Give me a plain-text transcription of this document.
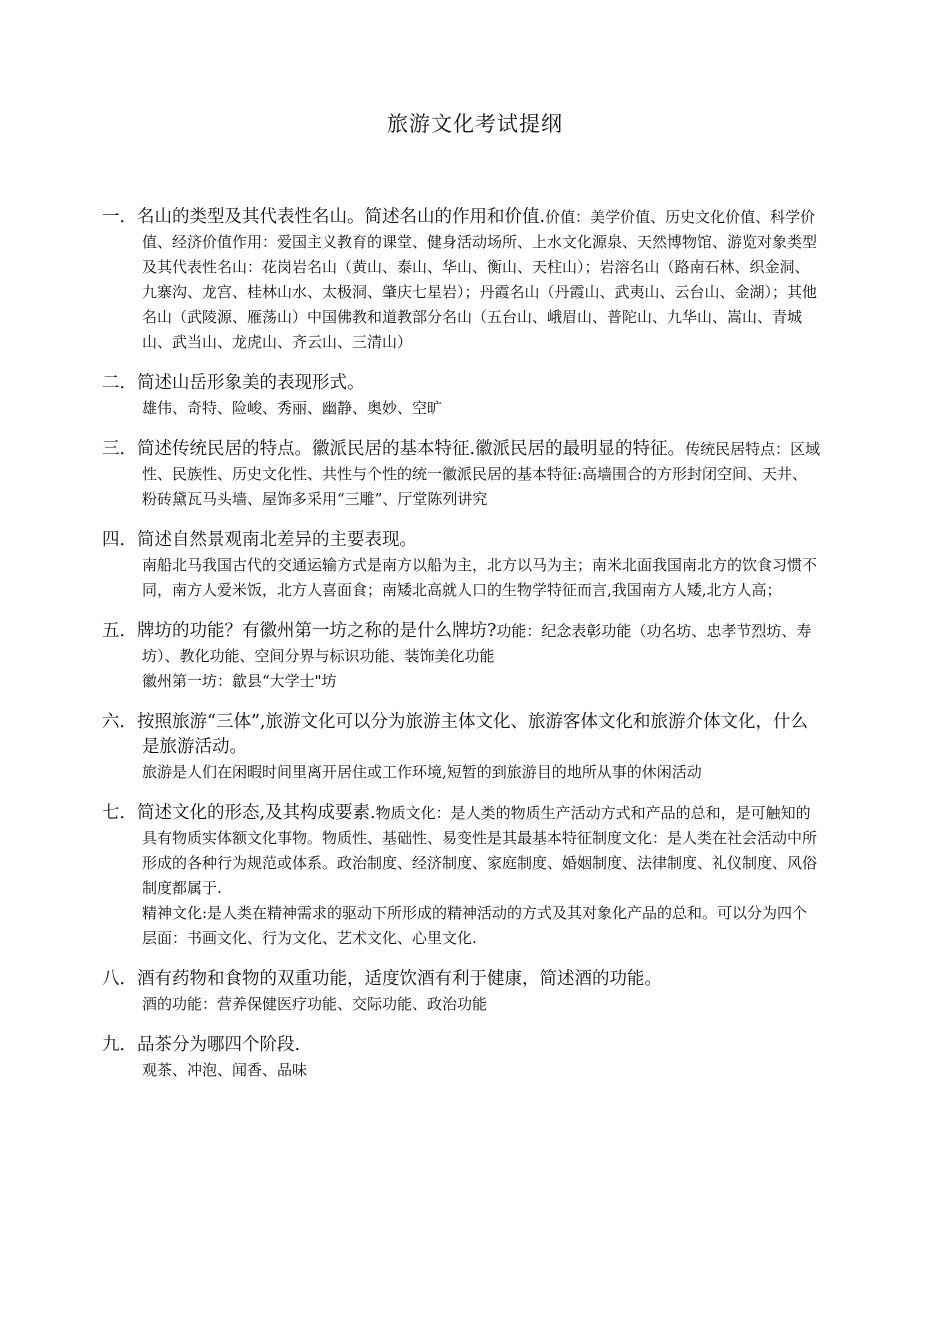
旅游文化考试提纲
一．名山的类型及其代表性名山。简述名山的作用和价值.价值：美学价值、历史文化价值、科学价值、经济价值作用：爱国主义教育的课堂、健身活动场所、上水文化源泉、天然博物馆、游览对象类型及其代表性名山：花岗岩名山（黄山、泰山、华山、衡山、天柱山）；岩溶名山（路南石林、织金洞、九寨沟、龙宫、桂林山水、太极洞、肇庆七星岩）；丹霞名山（丹霞山、武夷山、云台山、金湖）；其他名山（武陵源、雁荡山）中国佛教和道教部分名山（五台山、峨眉山、普陀山、九华山、嵩山、青城山、武当山、龙虎山、齐云山、三清山）
二．简述山岳形象美的表现形式。

雄伟、奇特、险峻、秀丽、幽静、奥妙、空旷

三．简述传统民居的特点。徽派民居的基本特征.徽派民居的最明显的特征。传统民居特点：区域性、民族性、历史文化性、共性与个性的统一徽派民居的基本特征:高墙围合的方形封闭空间、天井、粉砖黛瓦马头墙、屋饰多采用“三雕”、厅堂陈列讲究
四．简述自然景观南北差异的主要表现。

南船北马我国古代的交通运输方式是南方以船为主，北方以马为主；南米北面我国南北方的饮食习惯不同，南方人爱米饭，北方人喜面食；南矮北高就人口的生物学特征而言,我国南方人矮,北方人高；

五．牌坊的功能？有徽州第一坊之称的是什么牌坊?功能：纪念表彰功能（功名坊、忠孝节烈坊、寿坊）、教化功能、空间分界与标识功能、装饰美化功能

徽州第一坊：歙县“大学士"坊

六．按照旅游“三体”,旅游文化可以分为旅游主体文化、旅游客体文化和旅游介体文化，什么是旅游活动。

旅游是人们在闲暇时间里离开居住或工作环境,短暂的到旅游目的地所从事的休闲活动

七．简述文化的形态,及其构成要素.物质文化：是人类的物质生产活动方式和产品的总和，是可触知的具有物质实体额文化事物。物质性、基础性、易变性是其最基本特征制度文化：是人类在社会活动中所形成的各种行为规范或体系。政治制度、经济制度、家庭制度、婚姻制度、法律制度、礼仪制度、风俗制度都属于.

精神文化:是人类在精神需求的驱动下所形成的精神活动的方式及其对象化产品的总和。可以分为四个层面：书画文化、行为文化、艺术文化、心里文化.

八．酒有药物和食物的双重功能，适度饮酒有利于健康，简述酒的功能。

酒的功能：营养保健医疗功能、交际功能、政治功能

九．品茶分为哪四个阶段.

观茶、冲泡、闻香、品味
